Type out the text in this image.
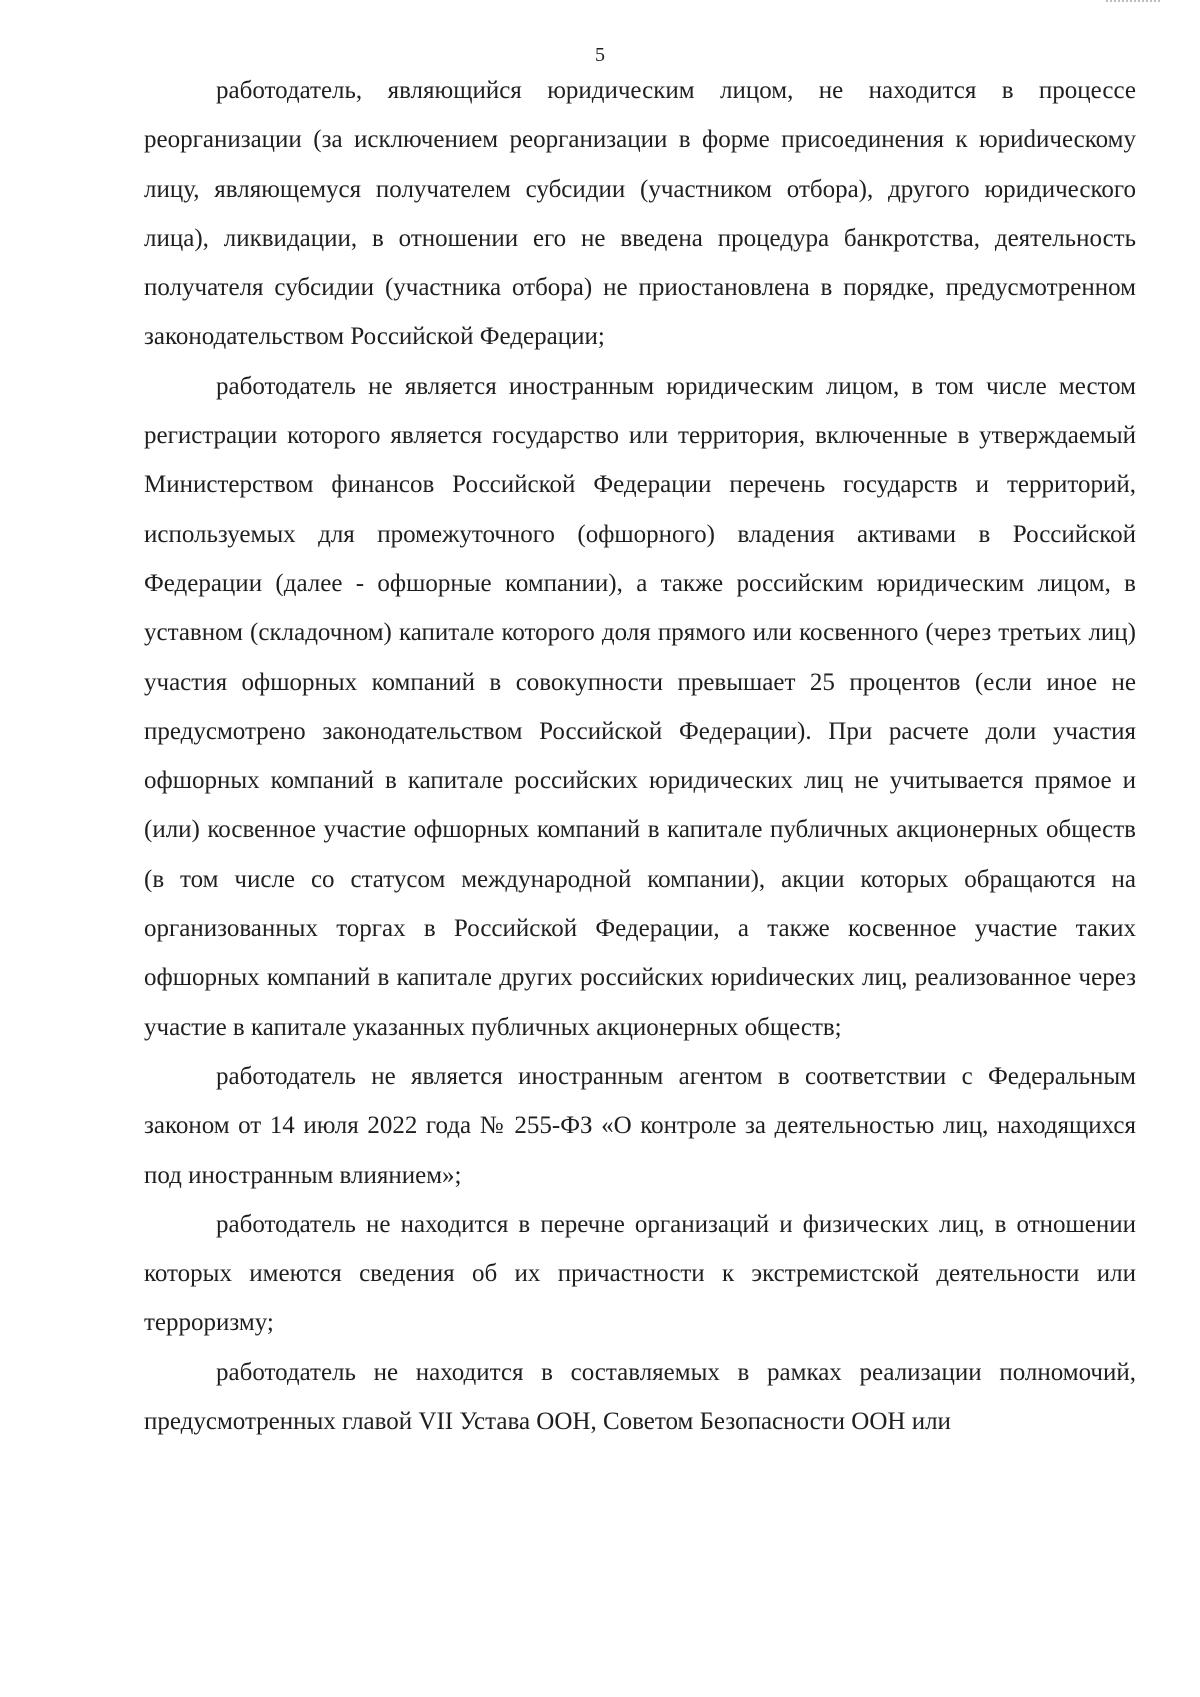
5

работодатель, являющийся юридическим лицом, не находится в процессе реорганизации (за исключением реорганизации в форме присоединения к юриdическому лицу, являющемуся получателем субсидии (участником отбора), другого юридического лица), ликвидации, в отношении его не введена процедура банкротства, деятельность получателя субсидии (участника отбора) не приостановлена в порядке, предусмотренном законодательством Российской Федерации;

работодатель не является иностранным юридическим лицом, в том числе местом регистрации которого является государство или территория, включенные в утверждаемый Министерством финансов Российской Федерации перечень государств и территорий, используемых для промежуточного (офшорного) владения активами в Российской Федерации (далее - офшорные компании), а также российским юридическим лицом, в уставном (складочном) капитале которого доля прямого или косвенного (через третьих лиц) участия офшорных компаний в совокупности превышает 25 процентов (если иное не предусмотрено законодательством Российской Федерации). При расчете доли участия офшорных компаний в капитале российских юридических лиц не учитывается прямое и (или) косвенное участие офшорных компаний в капитале публичных акционерных обществ (в том числе со статусом международной компании), акции которых обращаются на организованных торгах в Российской Федерации, а также косвенное участие таких офшорных компаний в капитале других российских юриdических лиц, реализованное через участие в капитале указанных публичных акционерных обществ;

работодатель не является иностранным агентом в соответствии с Федеральным законом от 14 июля 2022 года № 255-ФЗ «О контроле за деятельностью лиц, находящихся под иностранным влиянием»;

работодатель не находится в перечне организаций и физических лиц, в отношении которых имеются сведения об их причастности к экстремистской деятельности или терроризму;

работодатель не находится в составляемых в рамках реализации полномочий, предусмотренных главой VII Устава ООН, Советом Безопасности ООН или
